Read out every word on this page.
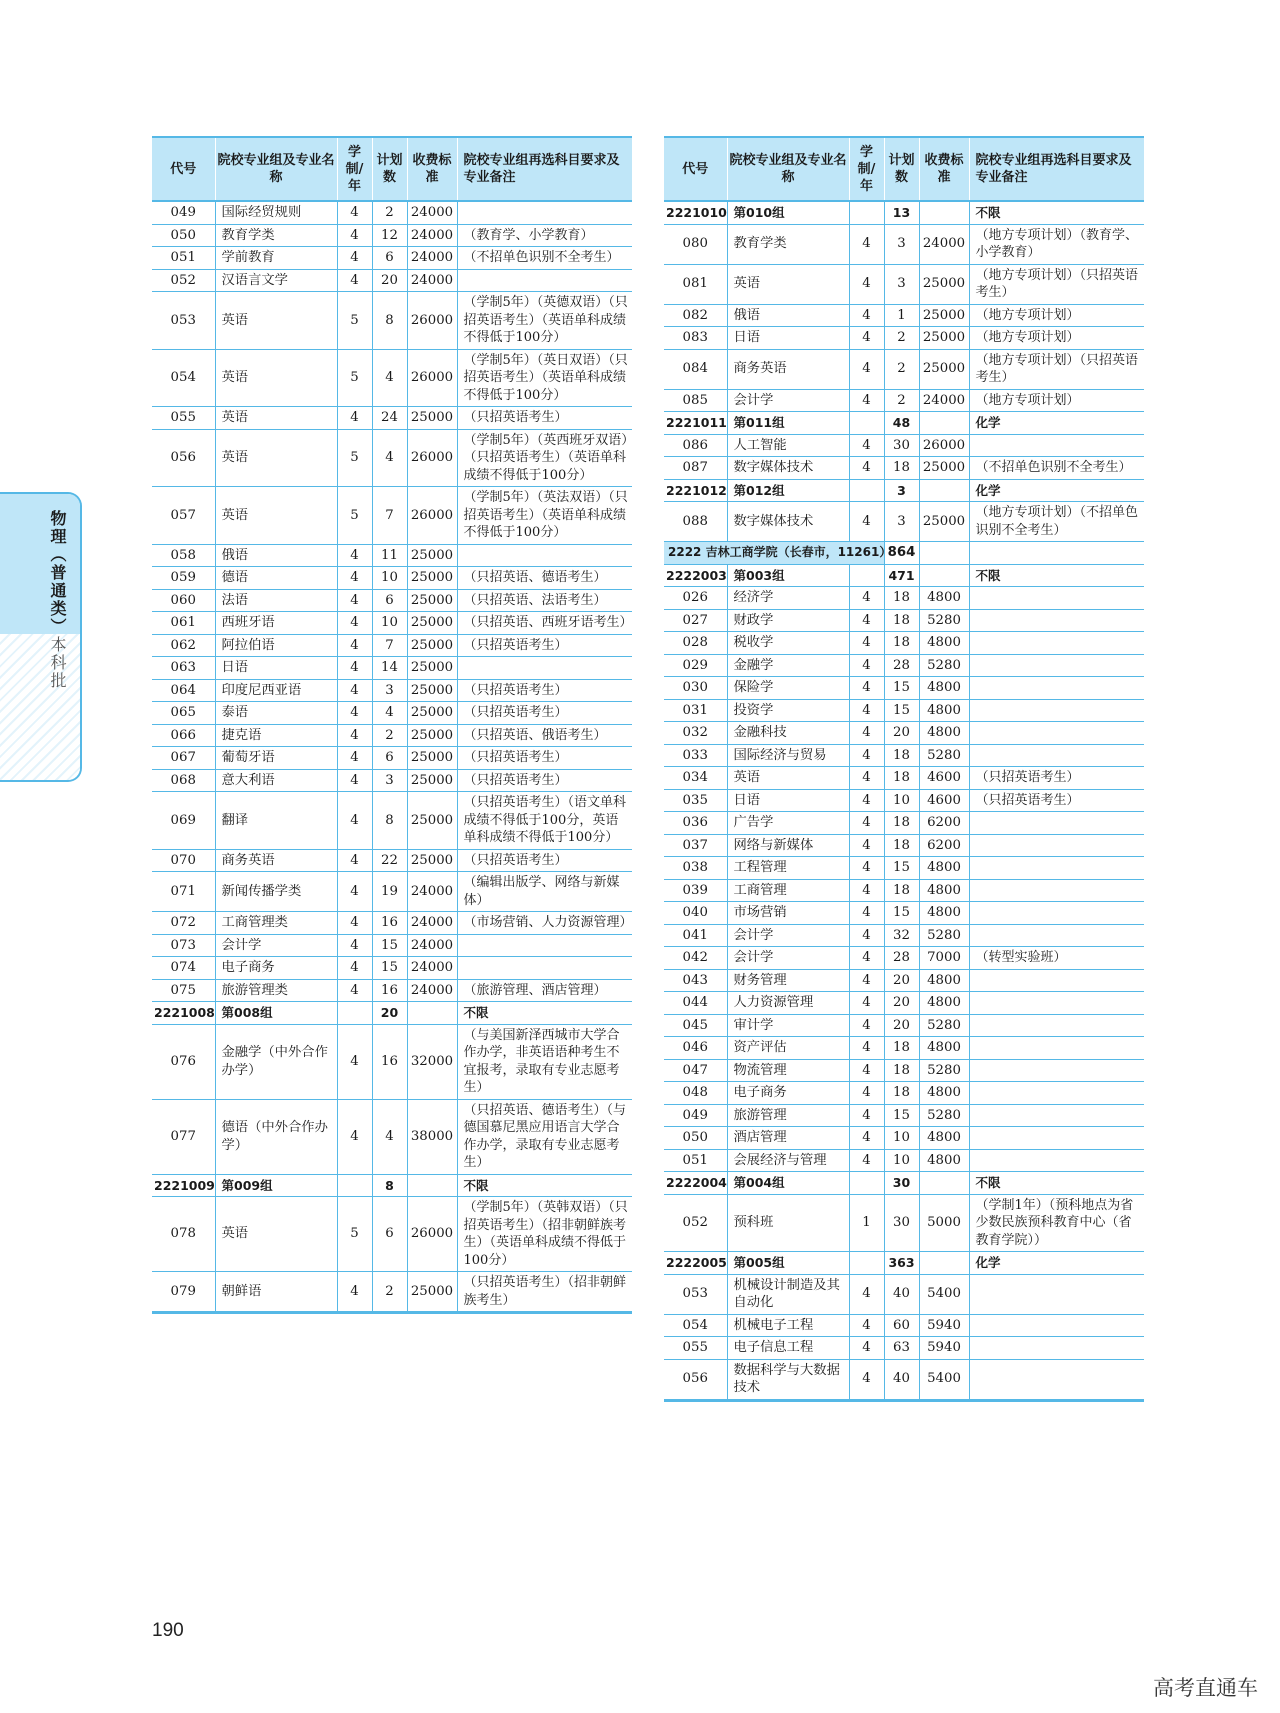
代号	院校专业组及专业名称	学制/年	计划数	收费标准	院校专业组再选科目要求及专业备注
049	国际经贸规则	4	2	24000	
050	教育学类	4	12	24000	（教育学、小学教育）
051	学前教育	4	6	24000	（不招单色识别不全考生）
052	汉语言文学	4	20	24000	
053	英语	5	8	26000	（学制5年）（英德双语）（只招英语考生）（英语单科成绩不得低于100分）
054	英语	5	4	26000	（学制5年）（英日双语）（只招英语考生）（英语单科成绩不得低于100分）
055	英语	4	24	25000	（只招英语考生）
056	英语	5	4	26000	（学制5年）（英西班牙双语）（只招英语考生）（英语单科成绩不得低于100分）
057	英语	5	7	26000	（学制5年）（英法双语）（只招英语考生）（英语单科成绩不得低于100分）
058	俄语	4	11	25000	
059	德语	4	10	25000	（只招英语、德语考生）
060	法语	4	6	25000	（只招英语、法语考生）
061	西班牙语	4	10	25000	（只招英语、西班牙语考生）
062	阿拉伯语	4	7	25000	（只招英语考生）
063	日语	4	14	25000	
064	印度尼西亚语	4	3	25000	（只招英语考生）
065	泰语	4	4	25000	（只招英语考生）
066	捷克语	4	2	25000	（只招英语、俄语考生）
067	葡萄牙语	4	6	25000	（只招英语考生）
068	意大利语	4	3	25000	（只招英语考生）
069	翻译	4	8	25000	（只招英语考生）（语文单科成绩不得低于100分，英语单科成绩不得低于100分）
070	商务英语	4	22	25000	（只招英语考生）
071	新闻传播学类	4	19	24000	（编辑出版学、网络与新媒体）
072	工商管理类	4	16	24000	（市场营销、人力资源管理）
073	会计学	4	15	24000	
074	电子商务	4	15	24000	
075	旅游管理类	4	16	24000	（旅游管理、酒店管理）
2221008	第008组		20		不限
076	金融学（中外合作办学）	4	16	32000	（与美国新泽西城市大学合作办学，非英语语种考生不宜报考，录取有专业志愿考生）
077	德语（中外合作办学）	4	4	38000	（只招英语、德语考生）（与德国慕尼黑应用语言大学合作办学，录取有专业志愿考生）
2221009	第009组		8		不限
078	英语	5	6	26000	（学制5年）（英韩双语）（只招英语考生）（招非朝鲜族考生）（英语单科成绩不得低于100分）
079	朝鲜语	4	2	25000	（只招英语考生）（招非朝鲜族考生）
代号	院校专业组及专业名称	学制/年	计划数	收费标准	院校专业组再选科目要求及专业备注
2221010	第010组		13		不限
080	教育学类	4	3	24000	（地方专项计划）（教育学、小学教育）
081	英语	4	3	25000	（地方专项计划）（只招英语考生）
082	俄语	4	1	25000	（地方专项计划）
083	日语	4	2	25000	（地方专项计划）
084	商务英语	4	2	25000	（地方专项计划）（只招英语考生）
085	会计学	4	2	24000	（地方专项计划）
2221011	第011组		48		化学
086	人工智能	4	30	26000	
087	数字媒体技术	4	18	25000	（不招单色识别不全考生）
2221012	第012组		3		化学
088	数字媒体技术	4	3	25000	（地方专项计划）（不招单色识别不全考生）
2222 吉林工商学院（长春市，11261）			864		
2222003	第003组		471		不限
026	经济学	4	18	4800	
027	财政学	4	18	5280	
028	税收学	4	18	4800	
029	金融学	4	28	5280	
030	保险学	4	15	4800	
031	投资学	4	15	4800	
032	金融科技	4	20	4800	
033	国际经济与贸易	4	18	5280	
034	英语	4	18	4600	（只招英语考生）
035	日语	4	10	4600	（只招英语考生）
036	广告学	4	18	6200	
037	网络与新媒体	4	18	6200	
038	工程管理	4	15	4800	
039	工商管理	4	18	4800	
040	市场营销	4	15	4800	
041	会计学	4	32	5280	
042	会计学	4	28	7000	（转型实验班）
043	财务管理	4	20	4800	
044	人力资源管理	4	20	4800	
045	审计学	4	20	5280	
046	资产评估	4	18	4800	
047	物流管理	4	18	5280	
048	电子商务	4	18	4800	
049	旅游管理	4	15	5280	
050	酒店管理	4	10	4800	
051	会展经济与管理	4	10	4800	
2222004	第004组		30		不限
052	预科班	1	30	5000	（学制1年）（预科地点为省少数民族预科教育中心（省教育学院））
2222005	第005组		363		化学
053	机械设计制造及其自动化	4	40	5400	
054	机械电子工程	4	60	5940	
055	电子信息工程	4	63	5940	
056	数据科学与大数据技术	4	40	5400	
物理（普通类）
本科批
190
高考直通车
